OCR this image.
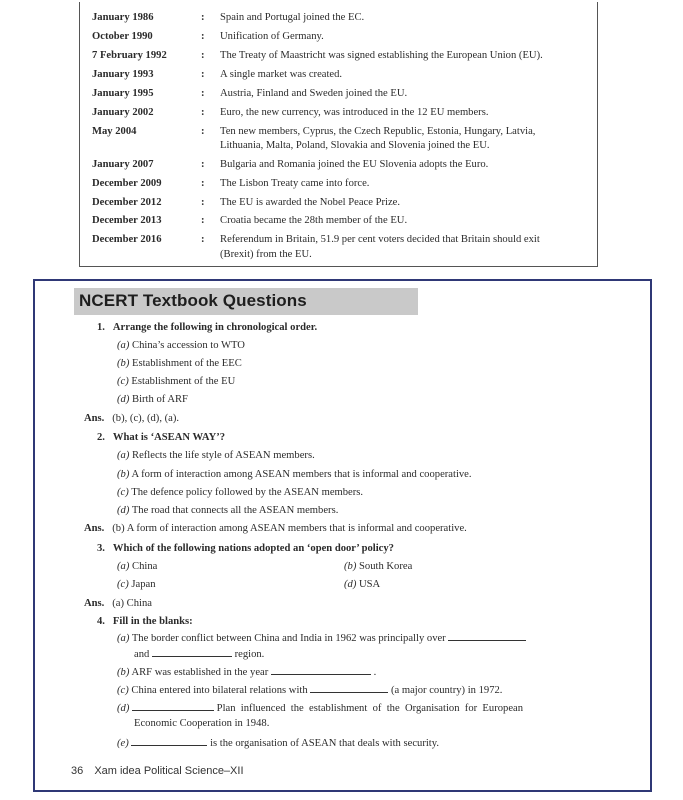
January 1986	: Spain and Portugal joined the EC.
October 1990	: Unification of Germany.
7 February 1992	: The Treaty of Maastricht was signed establishing the European Union (EU).
January 1993	: A single market was created.
January 1995	: Austria, Finland and Sweden joined the EU.
January 2002	: Euro, the new currency, was introduced in the 12 EU members.
May 2004	: Ten new members, Cyprus, the Czech Republic, Estonia, Hungary, Latvia,
Lithuania, Malta, Poland, Slovakia and Slovenia joined the EU.
January 2007	: Bulgaria and Romania joined the EU Slovenia adopts the Euro.
December 2009	: The Lisbon Treaty came into force.
December 2012	: The EU is awarded the Nobel Peace Prize.
December 2013	: Croatia became the 28th member of the EU.
December 2016	: Referendum in Britain, 51.9 per cent voters decided that Britain should exit
(Brexit) from the EU.
NCERT Textbook Questions
1. Arrange the following in chronological order.
(a) China’s accession to WTO
(b) Establishment of the EEC
(c) Establishment of the EU
(d) Birth of ARF
Ans. (b), (c), (d), (a).
2. What is ‘ASEAN WAY’?
(a) Reflects the life style of ASEAN members.
(b) A form of interaction among ASEAN members that is informal and cooperative.
(c) The defence policy followed by the ASEAN members.
(d) The road that connects all the ASEAN members.
Ans. (b) A form of interaction among ASEAN members that is informal and cooperative.
3. Which of the following nations adopted an ‘open door’ policy?
(a) China	(b) South Korea
(c) Japan	(d) USA
Ans. (a) China
4. Fill in the blanks:
(a) The border conflict between China and India in 1962 was principally over
and	region.
(b) ARF was established in the year	.
(c) China entered into bilateral relations with	(a major country) in 1972.
(d)	Plan  influenced  the  establishment  of  the  Organisation  for  European
Economic Cooperation in 1948.
(e)	is the organisation of ASEAN that deals with security.
36 Xam idea Political Science–XII
